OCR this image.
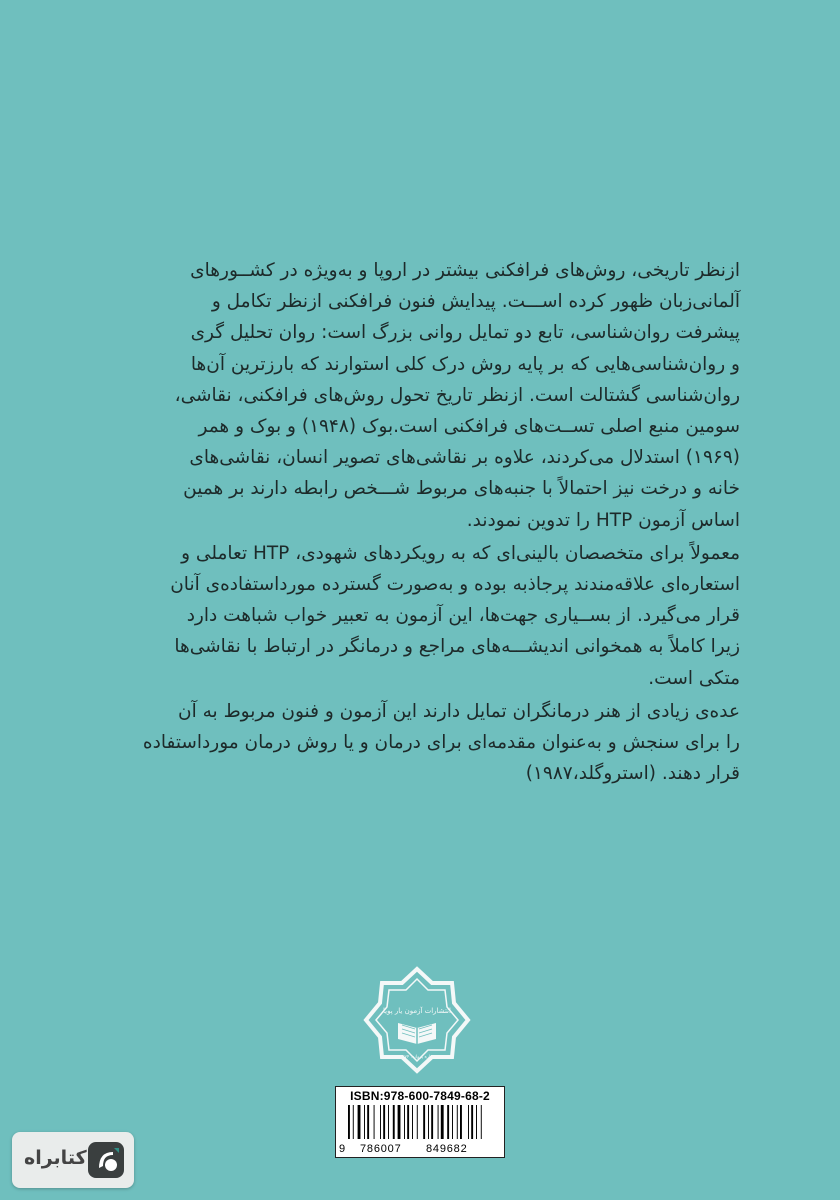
ازنظر تاریخی، روش‌های فرافکنی بیشتر در اروپا و به‌ویژه در کشــورهای
آلمانی‌زبان ظهور کرده اســـت. پیدایش فنون فرافکنی ازنظر تکامل و
پیشرفت روان‌شناسی، تابع دو تمایل روانی بزرگ است: روان تحلیل گری
و روان‌شناسی‌هایی که بر پایه روش درک کلی استوارند که بارزترین آن‌ها
روان‌شناسی گشتالت است. ازنظر تاریخ تحول روش‌های فرافکنی، نقاشی،
سومین منبع اصلی تســت‌های فرافکنی است.بوک (۱۹۴۸) و بوک و همر
(۱۹۶۹) استدلال می‌کردند، علاوه بر نقاشی‌های تصویر انسان، نقاشی‌های
خانه و درخت نیز احتمالاً با جنبه‌های مربوط شـــخص رابطه دارند بر همین
اساس آزمون HTP را تدوین نمودند.
معمولاً برای متخصصان بالینی‌ای که به رویکردهای شهودی، HTP تعاملی و
استعاره‌ای علاقه‌مندند پرجاذبه بوده و به‌صورت گسترده مورداستفاده‌ی آنان
قرار می‌گیرد. از بســیاری جهت‌ها، این آزمون به تعبیر خواب شباهت دارد
زیرا کاملاً به همخوانی اندیشـــه‌های مراجع و درمانگر در ارتباط با نقاشی‌ها
متکی است.
عده‌ی زیادی از هنر درمانگران تمایل دارند این آزمون و فنون مربوط به آن
را برای سنجش و به‌عنوان مقدمه‌ای برای درمان و یا روش درمان مورداستفاده
قرار دهند. (استروگلد،۱۹۸۷)
انتشارات آزمون یار پویا
شماره پروانه: ۱۱۲۷۴
ISBN:978-600-7849-68-2
9 786007 849682
کتابراه
